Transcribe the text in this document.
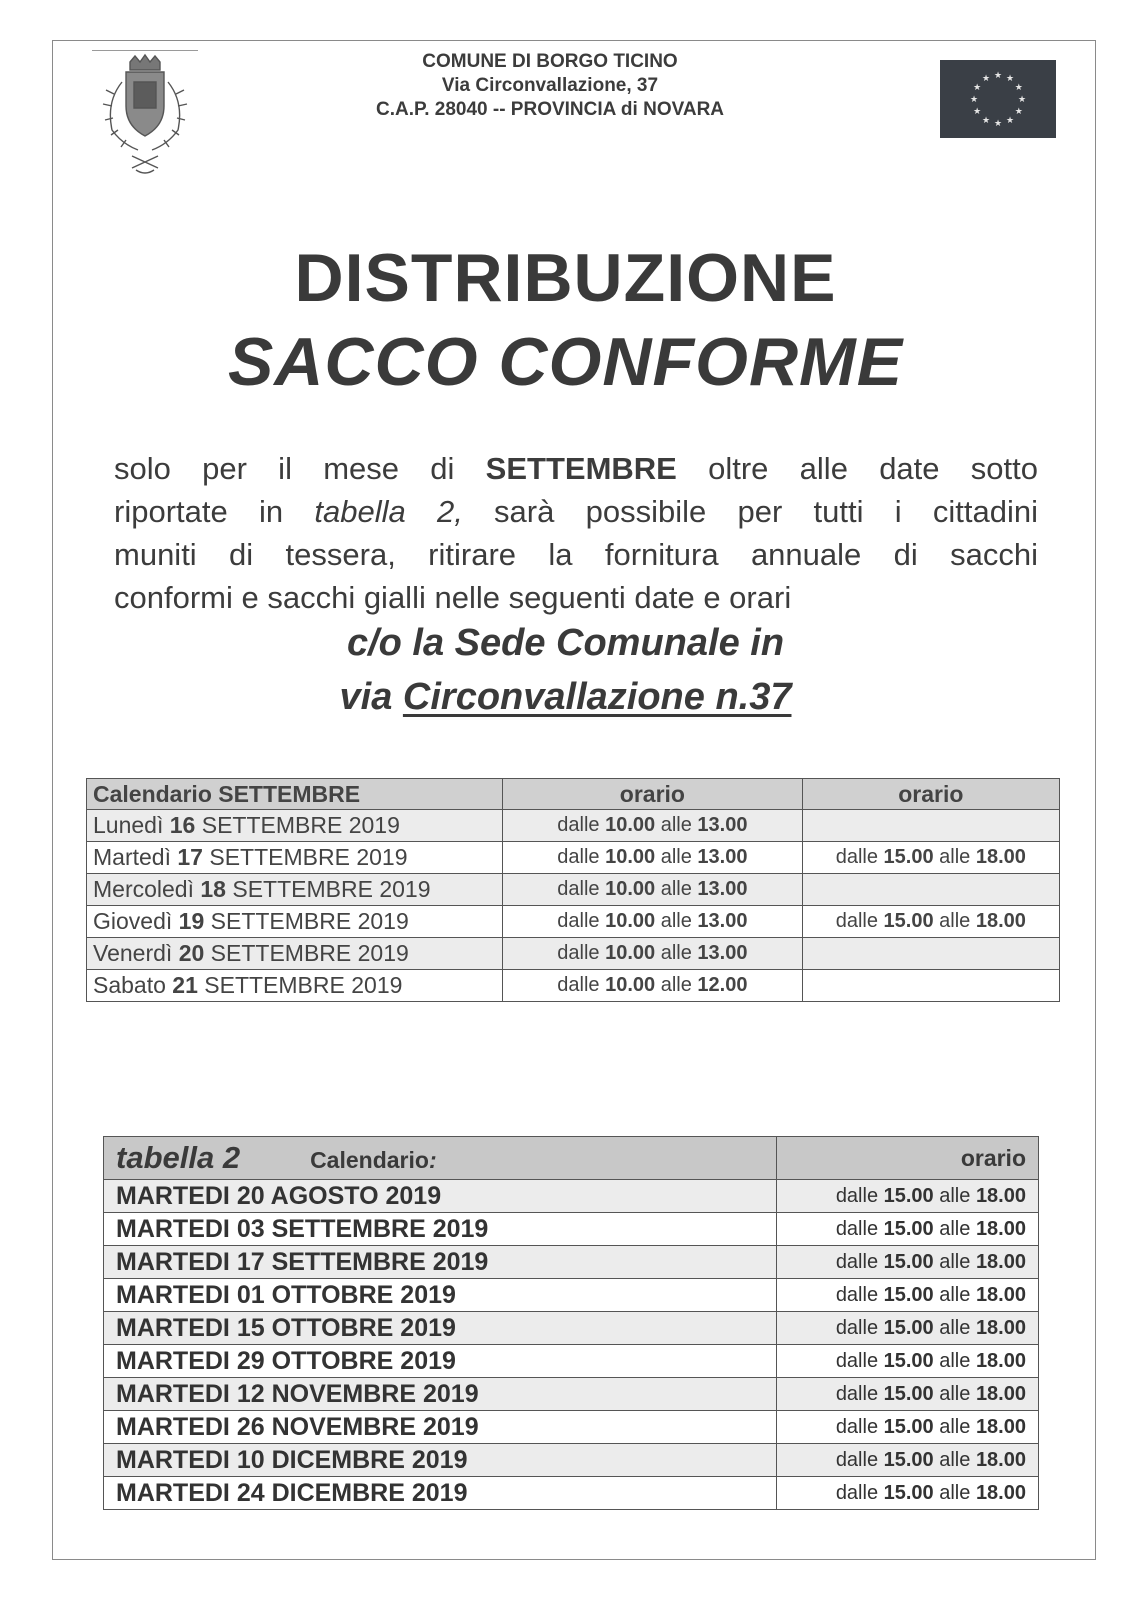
COMUNE DI BORGO TICINO
Via Circonvallazione, 37
C.A.P. 28040 -- PROVINCIA di NOVARA
★ ★
★
★
★
★
★
★
★
★
★
★
DISTRIBUZIONE
SACCO CONFORME
solo per il mese di SETTEMBRE oltre alle date sotto
riportate in tabella 2, sarà possibile per tutti i cittadini
muniti di tessera, ritirare la fornitura annuale di sacchi
conformi e sacchi gialli nelle seguenti date e orari
c/o la Sede Comunale in
via Circonvallazione n.37
Calendario SETTEMBRE	orario	orario
Lunedì 16 SETTEMBRE 2019	dalle 10.00 alle 13.00	
Martedì 17 SETTEMBRE 2019	dalle 10.00 alle 13.00	dalle 15.00 alle 18.00
Mercoledì 18 SETTEMBRE 2019	dalle 10.00 alle 13.00	
Giovedì 19 SETTEMBRE 2019	dalle 10.00 alle 13.00	dalle 15.00 alle 18.00
Venerdì 20 SETTEMBRE 2019	dalle 10.00 alle 13.00	
Sabato 21 SETTEMBRE 2019	dalle 10.00 alle 12.00	
tabella 2 Calendario:	orario
MARTEDI 20 AGOSTO 2019	dalle 15.00 alle 18.00
MARTEDI 03 SETTEMBRE 2019	dalle 15.00 alle 18.00
MARTEDI 17 SETTEMBRE 2019	dalle 15.00 alle 18.00
MARTEDI 01 OTTOBRE 2019	dalle 15.00 alle 18.00
MARTEDI 15 OTTOBRE 2019	dalle 15.00 alle 18.00
MARTEDI 29 OTTOBRE 2019	dalle 15.00 alle 18.00
MARTEDI 12 NOVEMBRE 2019	dalle 15.00 alle 18.00
MARTEDI 26 NOVEMBRE 2019	dalle 15.00 alle 18.00
MARTEDI 10 DICEMBRE 2019	dalle 15.00 alle 18.00
MARTEDI 24 DICEMBRE 2019	dalle 15.00 alle 18.00
